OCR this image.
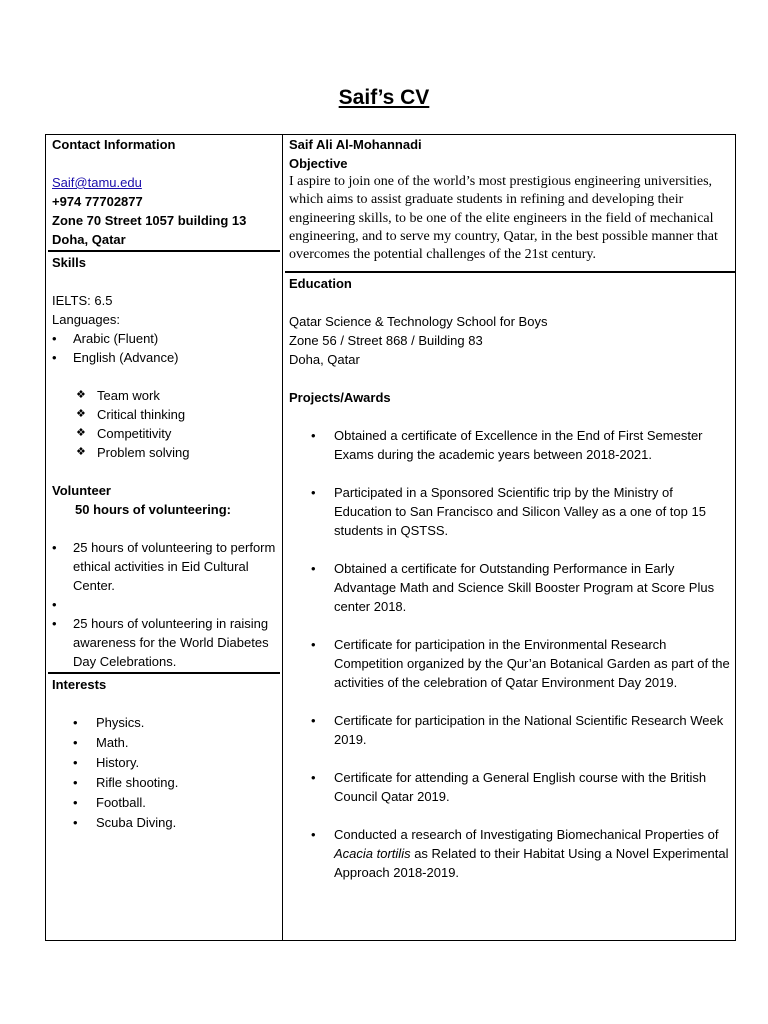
Saif’s CV
Contact Information
Saif@tamu.edu
+974 77702877
Zone 70 Street 1057 building 13
Doha, Qatar
Skills
IELTS: 6.5
Languages:
• Arabic (Fluent)
• English (Advance)
❖ Team work
❖ Critical thinking
❖ Competitivity
❖ Problem solving
Volunteer
50 hours of volunteering:
• 25 hours of volunteering to perform ethical activities in Eid Cultural Center.
•
• 25 hours of volunteering in raising awareness for the World Diabetes Day Celebrations.
Interests
• Physics.
• Math.
• History.
• Rifle shooting.
• Football.
• Scuba Diving.
Saif Ali Al-Mohannadi
Objective
I aspire to join one of the world’s most prestigious engineering universities, which aims to assist graduate students in refining and developing their engineering skills, to be one of the elite engineers in the field of mechanical engineering, and to serve my country, Qatar, in the best possible manner that overcomes the potential challenges of the 21st century.
Education
Qatar Science & Technology School for Boys
Zone 56 / Street 868 / Building 83
Doha, Qatar
Projects/Awards
• Obtained a certificate of Excellence in the End of First Semester Exams during the academic years between 2018-2021.
• Participated in a Sponsored Scientific trip by the Ministry of Education to San Francisco and Silicon Valley as a one of top 15 students in QSTSS.
• Obtained a certificate for Outstanding Performance in Early Advantage Math and Science Skill Booster Program at Score Plus center 2018.
• Certificate for participation in the Environmental Research Competition organized by the Qur’an Botanical Garden as part of the activities of the celebration of Qatar Environment Day 2019.
• Certificate for participation in the National Scientific Research Week 2019.
• Certificate for attending a General English course with the British Council Qatar 2019.
• Conducted a research of Investigating Biomechanical Properties of Acacia tortilis as Related to their Habitat Using a Novel Experimental Approach 2018-2019.
